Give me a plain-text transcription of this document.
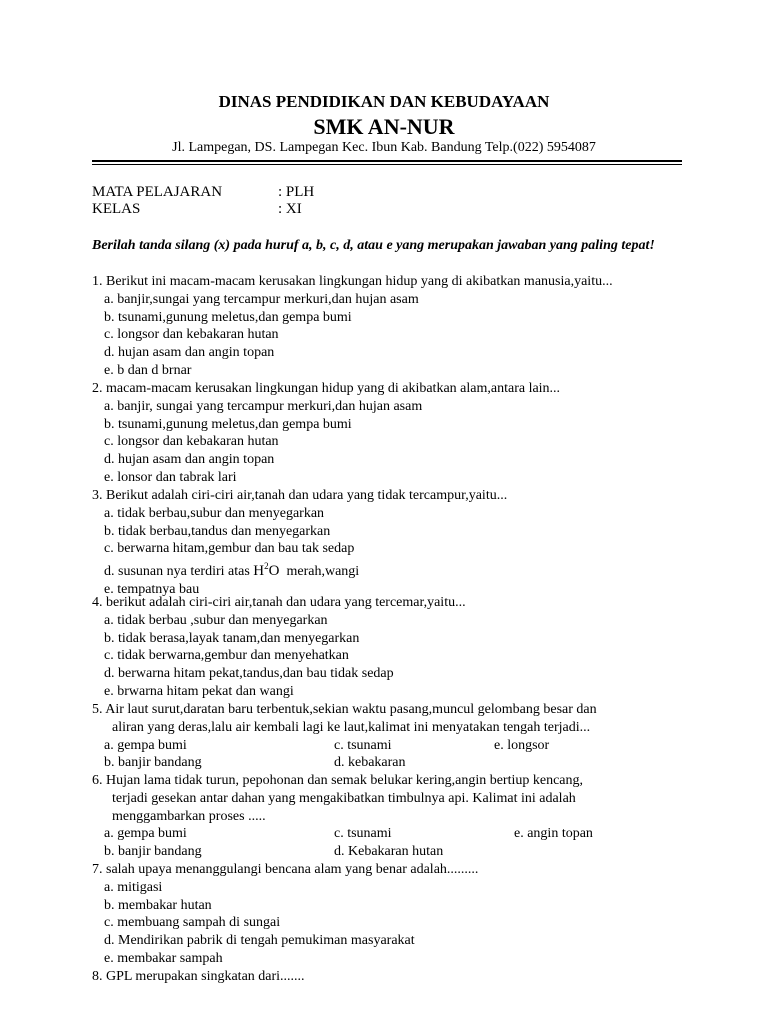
DINAS PENDIDIKAN DAN KEBUDAYAAN
SMK AN-NUR
Jl. Lampegan, DS. Lampegan Kec. Ibun Kab. Bandung Telp.(022) 5954087
MATA PELAJARAN	: PLH
KELAS	: XI
Berilah tanda silang (x) pada huruf a, b, c, d, atau e yang merupakan jawaban yang paling tepat!
1. Berikut ini macam-macam kerusakan lingkungan hidup yang di akibatkan manusia,yaitu...
a. banjir,sungai yang tercampur merkuri,dan hujan asam
b. tsunami,gunung meletus,dan gempa bumi
c. longsor dan kebakaran hutan
d. hujan asam dan angin topan
e. b dan d brnar
2. macam-macam kerusakan lingkungan hidup yang di akibatkan alam,antara lain...
a. banjir, sungai yang tercampur merkuri,dan hujan asam
b. tsunami,gunung meletus,dan gempa bumi
c. longsor dan kebakaran hutan
d. hujan asam dan angin topan
e. lonsor dan tabrak lari
3. Berikut adalah ciri-ciri air,tanah dan udara yang tidak tercampur,yaitu...
a. tidak berbau,subur dan menyegarkan
b. tidak berbau,tandus dan menyegarkan
c. berwarna hitam,gembur dan bau tak sedap
d. susunan nya terdiri atas $H^2O$  merah,wangi
e. tempatnya bau
4. berikut adalah ciri-ciri air,tanah dan udara yang tercemar,yaitu...
a. tidak berbau ,subur dan menyegarkan
b. tidak berasa,layak tanam,dan menyegarkan
c. tidak berwarna,gembur dan menyehatkan
d. berwarna hitam pekat,tandus,dan bau tidak sedap
e. brwarna hitam pekat dan wangi
5. Air laut surut,daratan baru terbentuk,sekian waktu pasang,muncul gelombang besar dan
aliran yang deras,lalu air kembali lagi ke laut,kalimat ini menyatakan tengah terjadi...
a. gempa bumi	c. tsunami	e. longsor
b. banjir bandang	d. kebakaran
6. Hujan lama tidak turun, pepohonan dan semak belukar kering,angin bertiup kencang,
terjadi gesekan antar dahan yang mengakibatkan timbulnya api. Kalimat ini adalah
menggambarkan proses .....
a. gempa bumi	c. tsunami	e. angin topan
b. banjir bandang	d. Kebakaran hutan
7. salah upaya menanggulangi bencana alam yang benar adalah.........
a. mitigasi
b. membakar hutan
c. membuang sampah di sungai
d. Mendirikan pabrik di tengah pemukiman masyarakat
e. membakar sampah
8. GPL merupakan singkatan dari.......
